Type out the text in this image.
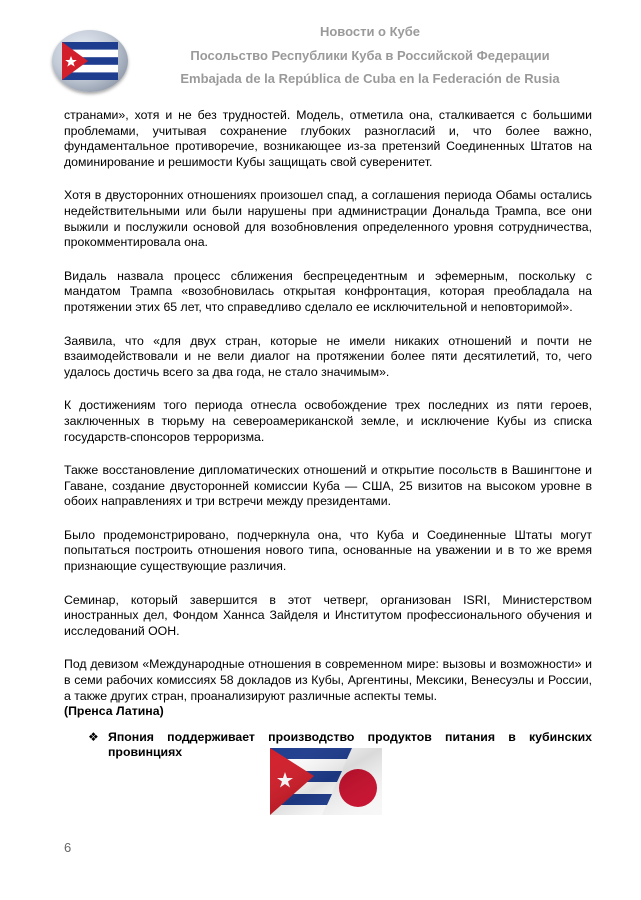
Новости о Кубе
Посольство Республики Куба в Российской Федерации
Embajada de la República de Cuba en la Federación de Rusia

странами», хотя и не без трудностей. Модель, отметила она, сталкивается с большими проблемами, учитывая сохранение глубоких разногласий и, что более важно, фундаментальное противоречие, возникающее из-за претензий Соединенных Штатов на доминирование и решимости Кубы защищать свой суверенитет.

Хотя в двусторонних отношениях произошел спад, а соглашения периода Обамы остались недействительными или были нарушены при администрации Дональда Трампа, все они выжили и послужили основой для возобновления определенного уровня сотрудничества, прокомментировала она.

Видаль назвала процесс сближения беспрецедентным и эфемерным, поскольку с мандатом Трампа «возобновилась открытая конфронтация, которая преобладала на протяжении этих 65 лет, что справедливо сделало ее исключительной и неповторимой».

Заявила, что «для двух стран, которые не имели никаких отношений и почти не взаимодействовали и не вели диалог на протяжении более пяти десятилетий, то, чего удалось достичь всего за два года, не стало значимым».

К достижениям того периода отнесла освобождение трех последних из пяти героев, заключенных в тюрьму на североамериканской земле, и исключение Кубы из списка государств-спонсоров терроризма.

Также восстановление дипломатических отношений и открытие посольств в Вашингтоне и Гаване, создание двусторонней комиссии Куба — США, 25 визитов на высоком уровне в обоих направлениях и три встречи между президентами.

Было продемонстрировано, подчеркнула она, что Куба и Соединенные Штаты могут попытаться построить отношения нового типа, основанные на уважении и в то же время признающие существующие различия.

Семинар, который завершится в этот четверг, организован ISRI, Министерством иностранных дел, Фондом Ханнса Зайделя и Институтом профессионального обучения и исследований ООН.

Под девизом «Международные отношения в современном мире: вызовы и возможности» и в семи рабочих комиссиях 58 докладов из Кубы, Аргентины, Мексики, Венесуэлы и России, а также других стран, проанализируют различные аспекты темы.
(Пренса Латина)

❖ Япония поддерживает производство продуктов питания в кубинских провинциях
6
